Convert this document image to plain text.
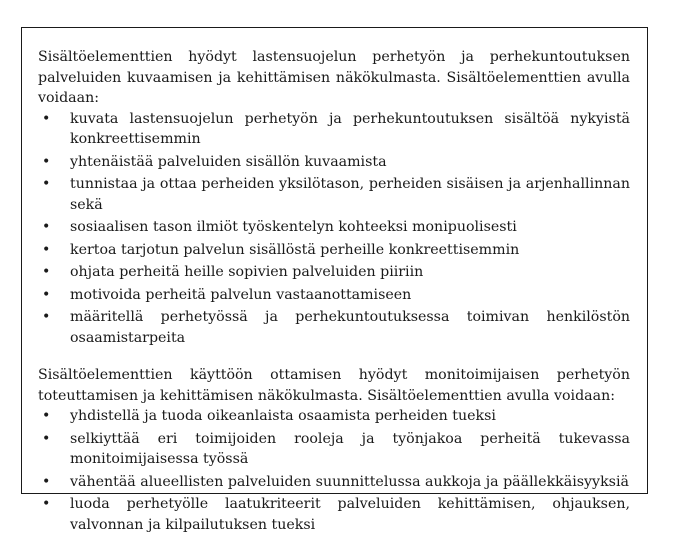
Sisältöelementtien hyödyt lastensuojelun perhetyön ja perhekuntoutuksen palveluiden kuvaamisen ja kehittämisen näkökulmasta. Sisältöelementtien avulla voidaan:

• kuvata lastensuojelun perhetyön ja perhekuntoutuksen sisältöä nykyistä konkreettisemmin
• yhtenäistää palveluiden sisällön kuvaamista
• tunnistaa ja ottaa perheiden yksilötason, perheiden sisäisen ja arjenhallinnan sekä
• sosiaalisen tason ilmiöt työskentelyn kohteeksi monipuolisesti
• kertoa tarjotun palvelun sisällöstä perheille konkreettisemmin
• ohjata perheitä heille sopivien palveluiden piiriin
• motivoida perheitä palvelun vastaanottamiseen
• määritellä perhetyössä ja perhekuntoutuksessa toimivan henkilöstön osaamistarpeita

Sisältöelementtien käyttöön ottamisen hyödyt monitoimijaisen perhetyön toteuttamisen ja kehittämisen näkökulmasta. Sisältöelementtien avulla voidaan:

• yhdistellä ja tuoda oikeanlaista osaamista perheiden tueksi
• selkiyttää eri toimijoiden rooleja ja työnjakoa perheitä tukevassa monitoimijaisessa työssä
• vähentää alueellisten palveluiden suunnittelussa aukkoja ja päällekkäisyyksiä
• luoda perhetyölle laatukriteerit palveluiden kehittämisen, ohjauksen, valvonnan ja kilpailutuksen tueksi
